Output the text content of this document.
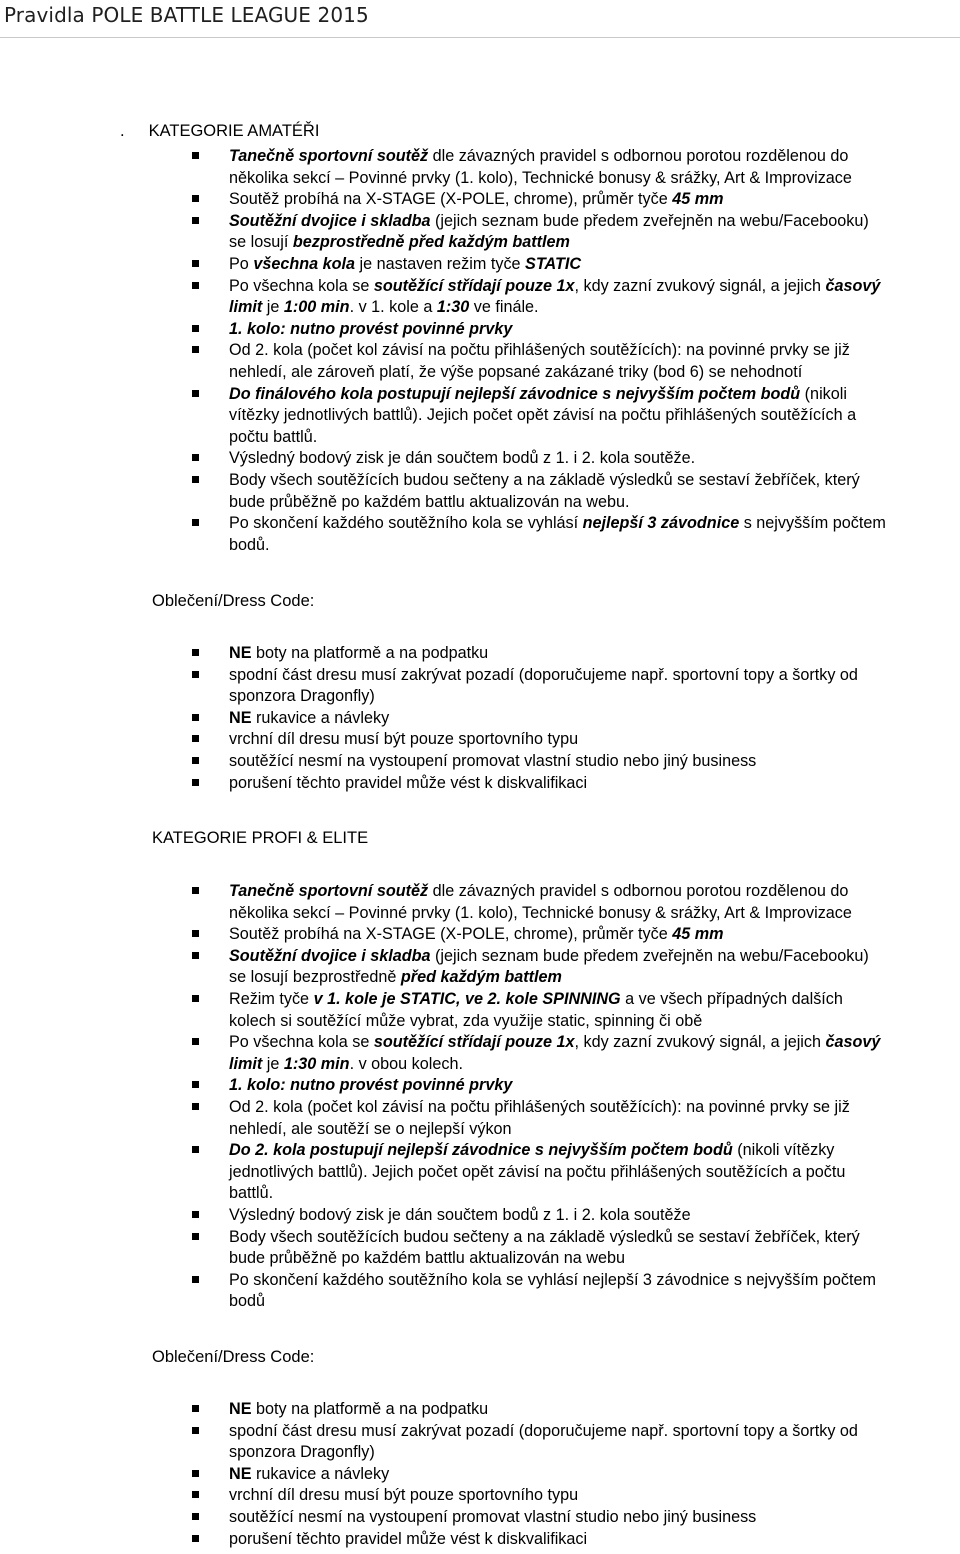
Pravidla POLE BATTLE LEAGUE 2015
. KATEGORIE AMATÉŘI
Tanečně sportovní soutěž dle závazných pravidel s odbornou porotou rozdělenou do
několika sekcí – Povinné prvky (1. kolo), Technické bonusy & srážky, Art & Improvizace
Soutěž probíhá na X-STAGE (X-POLE, chrome), průměr tyče 45 mm
Soutěžní dvojice i skladba (jejich seznam bude předem zveřejněn na webu/Facebooku)
se losují bezprostředně před každým battlem
Po všechna kola je nastaven režim tyče STATIC
Po všechna kola se soutěžící střídají pouze 1x, kdy zazní zvukový signál, a jejich časový
limit je 1:00 min. v 1. kole a 1:30 ve finále.
1. kolo: nutno provést povinné prvky
Od 2. kola (počet kol závisí na počtu přihlášených soutěžících): na povinné prvky se již
nehledí, ale zároveň platí, že výše popsané zakázané triky (bod 6) se nehodnotí
Do finálového kola postupují nejlepší závodnice s nejvyšším počtem bodů (nikoli
vítězky jednotlivých battlů). Jejich počet opět závisí na počtu přihlášených soutěžících a
počtu battlů.
Výsledný bodový zisk je dán součtem bodů z 1. i 2. kola soutěže.
Body všech soutěžících budou sečteny a na základě výsledků se sestaví žebříček, který
bude průběžně po každém battlu aktualizován na webu.
Po skončení každého soutěžního kola se vyhlásí nejlepší 3 závodnice s nejvyšším počtem
bodů.
Oblečení/Dress Code:
NE boty na platformě a na podpatku
spodní část dresu musí zakrývat pozadí (doporučujeme např. sportovní topy a šortky od
sponzora Dragonfly)
NE rukavice a návleky
vrchní díl dresu musí být pouze sportovního typu
soutěžící nesmí na vystoupení promovat vlastní studio nebo jiný business
porušení těchto pravidel může vést k diskvalifikaci
KATEGORIE PROFI & ELITE
Tanečně sportovní soutěž dle závazných pravidel s odbornou porotou rozdělenou do
několika sekcí – Povinné prvky (1. kolo), Technické bonusy & srážky, Art & Improvizace
Soutěž probíhá na X-STAGE (X-POLE, chrome), průměr tyče 45 mm
Soutěžní dvojice i skladba (jejich seznam bude předem zveřejněn na webu/Facebooku)
se losují bezprostředně před každým battlem
Režim tyče v 1. kole je STATIC, ve 2. kole SPINNING a ve všech případných dalších
kolech si soutěžící může vybrat, zda využije static, spinning či obě
Po všechna kola se soutěžící střídají pouze 1x, kdy zazní zvukový signál, a jejich časový
limit je 1:30 min. v obou kolech.
1. kolo: nutno provést povinné prvky
Od 2. kola (počet kol závisí na počtu přihlášených soutěžících): na povinné prvky se již
nehledí, ale soutěží se o nejlepší výkon
Do 2. kola postupují nejlepší závodnice s nejvyšším počtem bodů (nikoli vítězky
jednotlivých battlů). Jejich počet opět závisí na počtu přihlášených soutěžících a počtu
battlů.
Výsledný bodový zisk je dán součtem bodů z 1. i 2. kola soutěže
Body všech soutěžících budou sečteny a na základě výsledků se sestaví žebříček, který
bude průběžně po každém battlu aktualizován na webu
Po skončení každého soutěžního kola se vyhlásí nejlepší 3 závodnice s nejvyšším počtem
bodů
Oblečení/Dress Code:
NE boty na platformě a na podpatku
spodní část dresu musí zakrývat pozadí (doporučujeme např. sportovní topy a šortky od
sponzora Dragonfly)
NE rukavice a návleky
vrchní díl dresu musí být pouze sportovního typu
soutěžící nesmí na vystoupení promovat vlastní studio nebo jiný business
porušení těchto pravidel může vést k diskvalifikaci
